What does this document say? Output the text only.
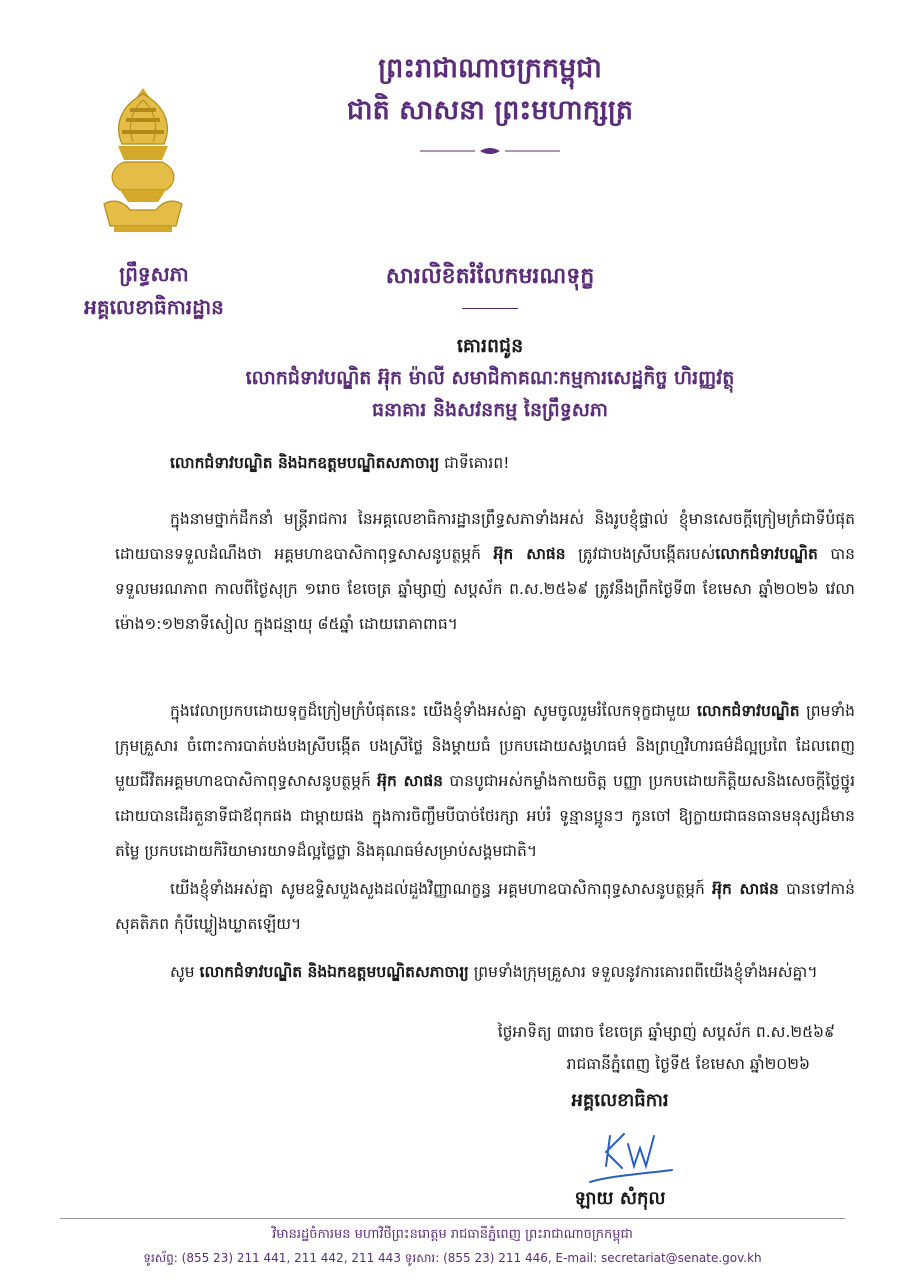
ព្រះរាជាណាចក្រកម្ពុជា
ជាតិ សាសនា ព្រះមហាក្សត្រ
ព្រឹទ្ធសភា
អគ្គលេខាធិការដ្ឋាន
សារលិខិតរំលែកមរណទុក្ខ
គោរពជូន
លោកជំទាវបណ្ឌិត អ៊ុក ម៉ាលី សមាជិកាគណៈកម្មការសេដ្ឋកិច្ច ហិរញ្ញវត្ថុ
ធនាគារ និងសវនកម្ម នៃព្រឹទ្ធសភា
លោកជំទាវបណ្ឌិត និងឯកឧត្តមបណ្ឌិតសភាចារ្យ ជាទីគោរព!
ក្នុងនាមថ្នាក់ដឹកនាំ មន្ត្រីរាជការ នៃអគ្គលេខាធិការដ្ឋានព្រឹទ្ធសភាទាំងអស់ និងរូបខ្ញុំផ្ទាល់ ខ្ញុំមានសេចក្តីក្រៀមក្រំជាទីបំផុតដោយបានទទួលដំណឹងថា អគ្គមហាឧបាសិកាពុទ្ធសាសនូបត្ថម្ភក៍ អ៊ុក សាផន ត្រូវជាបងស្រីបង្កើតរបស់លោកជំទាវបណ្ឌិត បានទទួលមរណភាព កាលពីថ្ងៃសុក្រ ១រោច ខែចេត្រ ឆ្នាំម្សាញ់ សប្តស័ក ព.ស.២៥៦៩ ត្រូវនឹងព្រឹកថ្ងៃទី៣ ខែមេសា ឆ្នាំ២០២៦ វេលាម៉ោង១:១២នាទីសៀល ក្នុងជន្មាយុ ៨៥ឆ្នាំ ដោយរោគាពាធ។
ក្នុងវេលាប្រកបដោយទុក្ខដ៏ក្រៀមក្រំបំផុតនេះ យើងខ្ញុំទាំងអស់គ្នា សូមចូលរួមរំលែកទុក្ខជាមួយ លោកជំទាវបណ្ឌិត ព្រមទាំងក្រុមគ្រួសារ ចំពោះការបាត់បង់បងស្រីបង្កើត បងស្រីថ្លៃ និងម្តាយធំ ប្រកបដោយសង្គហធម៌ និងព្រហ្មវិហារធម៌ដ៏ល្អប្រពៃ ដែលពេញមួយជីវិតអគ្គមហាឧបាសិកាពុទ្ធសាសនូបត្ថម្ភក៍ អ៊ុក សាផន បានបូជាអស់កម្លាំងកាយចិត្ត បញ្ញា ប្រកបដោយកិត្តិយសនិងសេចក្តីថ្លៃថ្នូរ ដោយបានដើរតួនាទីជាឪពុកផង ជាម្តាយផង ក្នុងការចិញ្ចឹមបីបាច់ថែរក្សា អប់រំ ទូន្មានប្អូនៗ កូនចៅ ឱ្យក្លាយជាធនធានមនុស្សដ៏មានតម្លៃ ប្រកបដោយកិរិយាមារយាទដ៏ល្អថ្លៃថ្លា និងគុណធម៌សម្រាប់សង្គមជាតិ។
យើងខ្ញុំទាំងអស់គ្នា សូមឧទ្ទិសបួងសួងដល់ដួងវិញ្ញាណក្ខន្ធ អគ្គមហាឧបាសិកាពុទ្ធសាសនូបត្ថម្ភក៍ អ៊ុក សាផន បានទៅកាន់សុគតិភព កុំបីឃ្លៀងឃ្លាតឡើយ។
សូម លោកជំទាវបណ្ឌិត និងឯកឧត្តមបណ្ឌិតសភាចារ្យ ព្រមទាំងក្រុមគ្រួសារ ទទួលនូវការគោរពពីយើងខ្ញុំទាំងអស់គ្នា។
ថ្ងៃអាទិត្យ ៣រោច ខែចេត្រ ឆ្នាំម្សាញ់ សប្តស័ក ព.ស.២៥៦៩
រាជធានីភ្នំពេញ ថ្ងៃទី៥ ខែមេសា ឆ្នាំ២០២៦
អគ្គលេខាធិការ
ឡាយ សំកុល
វិមានរដ្ឋចំការមន មហាវិថីព្រះនរោត្តម រាជធានីភ្នំពេញ ព្រះរាជាណាចក្រកម្ពុជា
ទូរស័ព្ទ: (855 23) 211 441, 211 442, 211 443 ទូរសារ: (855 23) 211 446, E-mail: secretariat@senate.gov.kh
